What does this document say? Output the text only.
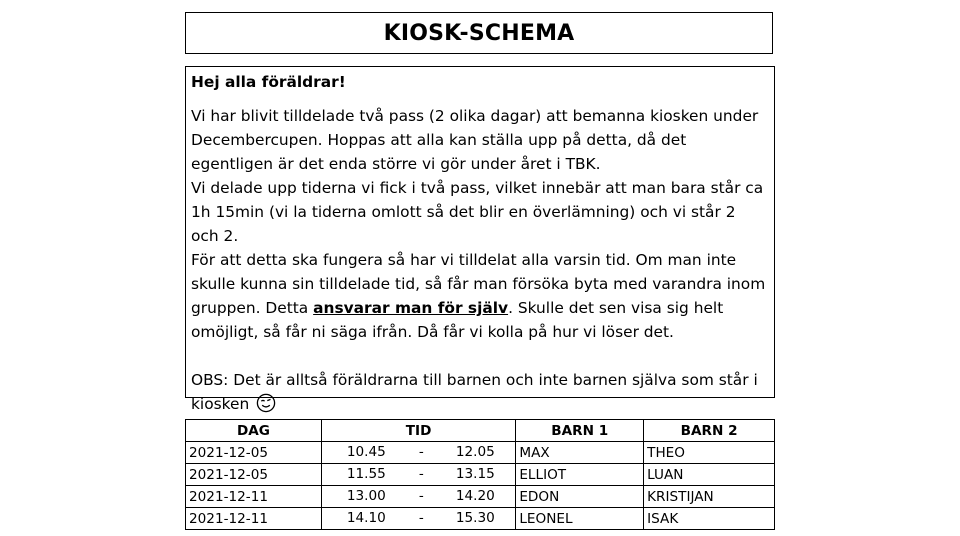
KIOSK-SCHEMA

Hej alla föräldrar!

Vi har blivit tilldelade två pass (2 olika dagar) att bemanna kiosken under Decembercupen. Hoppas att alla kan ställa upp på detta, då det egentligen är det enda större vi gör under året i TBK.

Vi delade upp tiderna vi fick i två pass, vilket innebär att man bara står ca 1h 15min (vi la tiderna omlott så det blir en överlämning) och vi står 2 och 2.

För att detta ska fungera så har vi tilldelat alla varsin tid. Om man inte skulle kunna sin tilldelade tid, så får man försöka byta med varandra inom gruppen. Detta ansvarar man för själv. Skulle det sen visa sig helt omöjligt, så får ni säga ifrån. Då får vi kolla på hur vi löser det.

OBS: Det är alltså föräldrarna till barnen och inte barnen själva som står i kiosken

DAG	TID	BARN 1	BARN 2
2021-12-05	10.45 - 12.05	MAX	THEO
2021-12-05	11.55 - 13.15	ELLIOT	LUAN
2021-12-11	13.00 - 14.20	EDON	KRISTIJAN
2021-12-11	14.10 - 15.30	LEONEL	ISAK
